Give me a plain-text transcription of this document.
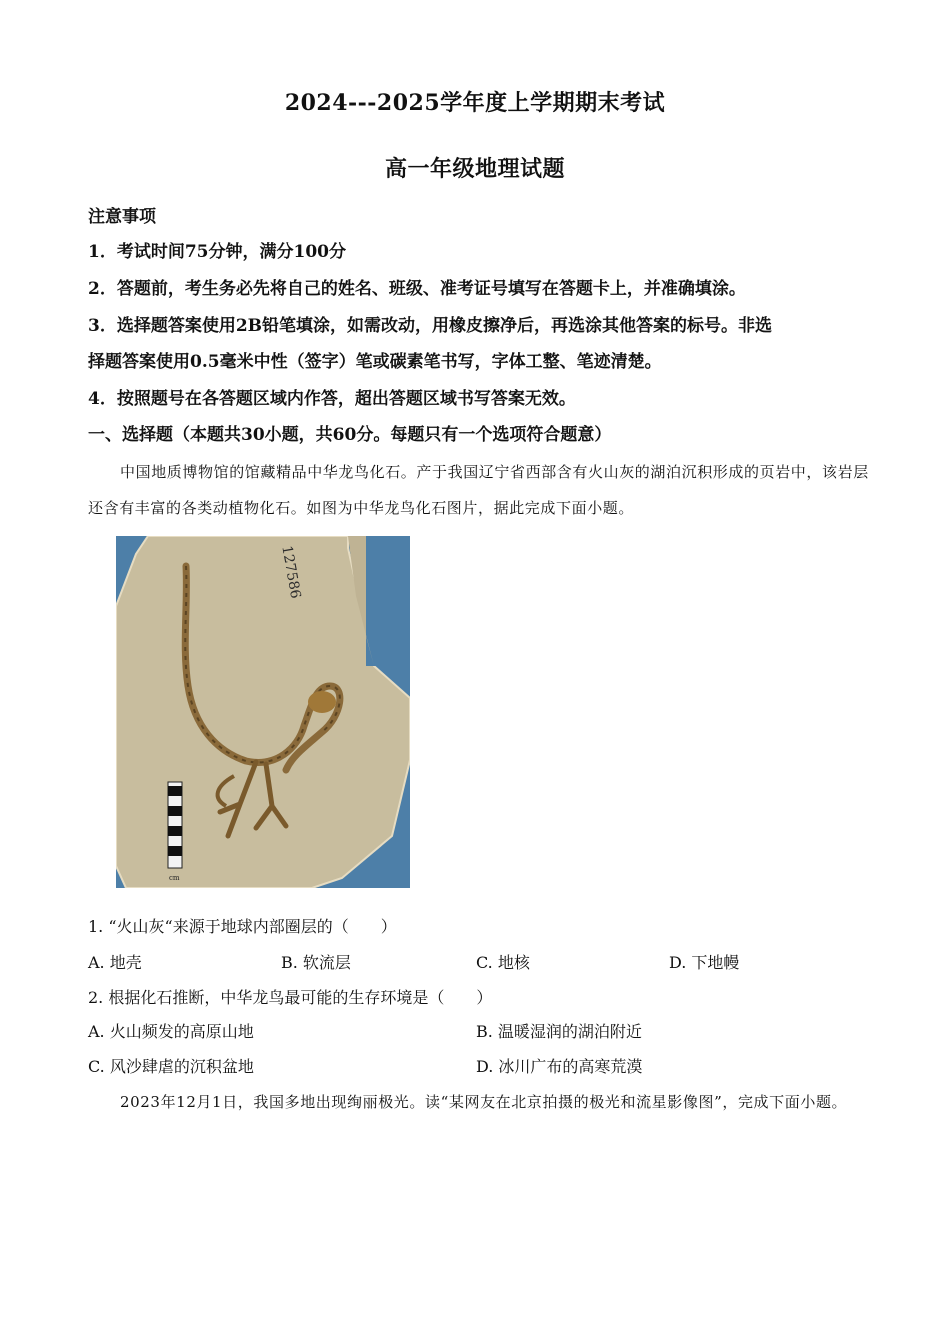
2024---2025学年度上学期期末考试
高一年级地理试题
注意事项
1．考试时间75分钟，满分100分
2．答题前，考生务必先将自己的姓名、班级、准考证号填写在答题卡上，并准确填涂。
3．选择题答案使用2B铅笔填涂，如需改动，用橡皮擦净后，再选涂其他答案的标号。非选
择题答案使用0.5毫米中性（签字）笔或碳素笔书写，字体工整、笔迹清楚。
4．按照题号在各答题区域内作答，超出答题区域书写答案无效。
一、选择题（本题共30小题，共60分。每题只有一个选项符合题意）
中国地质博物馆的馆藏精品中华龙鸟化石。产于我国辽宁省西部含有火山灰的湖泊沉积形成的页岩中，该岩层还含有丰富的各类动植物化石。如图为中华龙鸟化石图片，据此完成下面小题。
127586
cm
1. “火山灰“来源于地球内部圈层的（　　）
A. 地壳	B. 软流层	C. 地核	D. 下地幔
2. 根据化石推断，中华龙鸟最可能的生存环境是（　　）
A. 火山频发的高原山地	B. 温暖湿润的湖泊附近
C. 风沙肆虐的沉积盆地	D. 冰川广布的高寒荒漠
2023年12月1日，我国多地出现绚丽极光。读“某网友在北京拍摄的极光和流星影像图”，完成下面小题。
